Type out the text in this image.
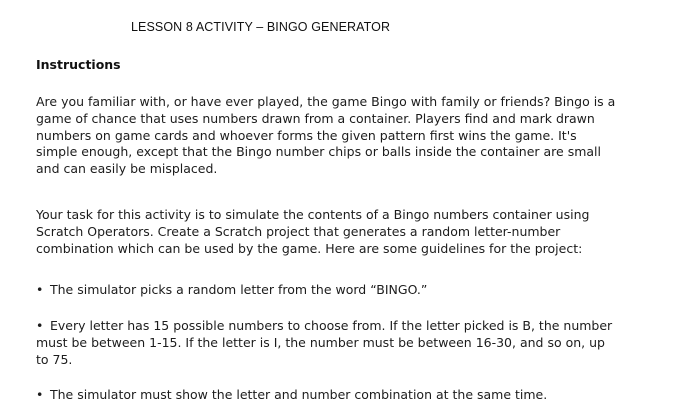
LESSON 8 ACTIVITY – BINGO GENERATOR
Instructions
Are you familiar with, or have ever played, the game Bingo with family or friends? Bingo is a
game of chance that uses numbers drawn from a container. Players find and mark drawn
numbers on game cards and whoever forms the given pattern first wins the game. It's
simple enough, except that the Bingo number chips or balls inside the container are small
and can easily be misplaced.
Your task for this activity is to simulate the contents of a Bingo numbers container using
Scratch Operators. Create a Scratch project that generates a random letter-number
combination which can be used by the game. Here are some guidelines for the project:
• The simulator picks a random letter from the word “BINGO.”
• Every letter has 15 possible numbers to choose from. If the letter picked is B, the number
must be between 1-15. If the letter is I, the number must be between 16-30, and so on, up
to 75.
• The simulator must show the letter and number combination at the same time.
